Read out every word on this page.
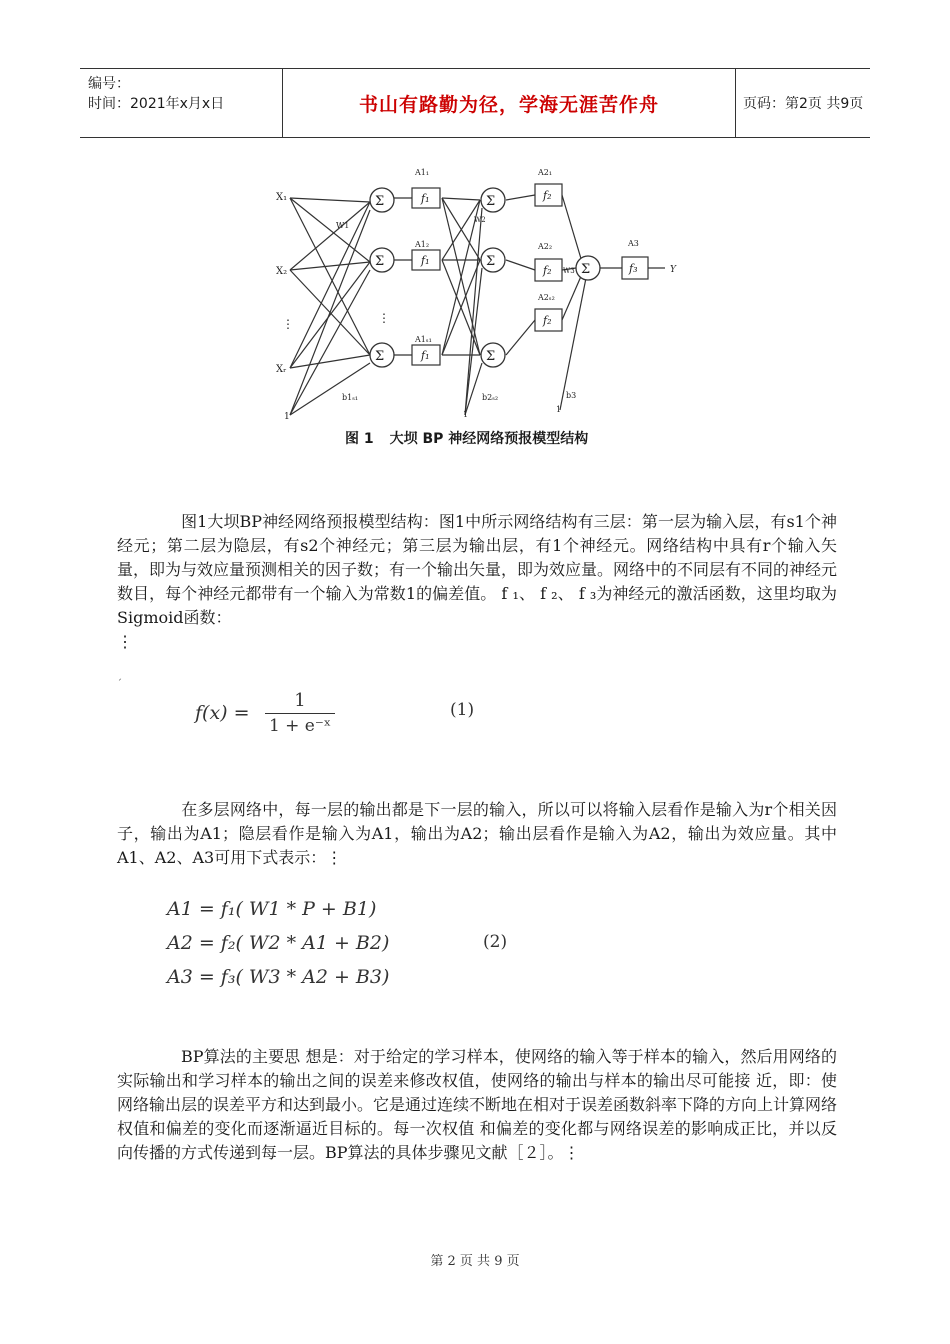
编号：
时间：2021年x月x日	书山有路勤为径，学海无涯苦作舟	页码：第2页 共9页
Σ
Σ
Σ
Σ
Σ
Σ
Σ
f₁
f₁
f₁
f₂
f₂
f₂
f₃
X₁
X₂
⋮
Xᵣ
1
⋮
W1
W2
W3
A1₁
A1₂
A1ₛ₁
A2₁
A2₂
A2ₛ₂
A3
Y
b1ₛ₁	b2ₛ₂	b3
1
1
图 1 大坝 BP 神经网络预报模型结构
图1大坝BP神经网络预报模型结构：图1中所示网络结构有三层：第一层为输入层，有s1个神经元；第二层为隐层，有s2个神经元；第三层为输出层，有1个神经元。网络结构中具有r个输入矢量，即为与效应量预测相关的因子数；有一个输出矢量，即为效应量。网络中的不同层有不同的神经元数目，每个神经元都带有一个输入为常数1的偏差值。 f ₁、 f ₂、 f ₃为神经元的激活函数，这里均取为Sigmoid函数：
⋮
ˏ
$f(x) = \frac{1}{\text{1 + e⁻ˣ}}$	(1)
在多层网络中，每一层的输出都是下一层的输入，所以可以将输入层看作是输入为r个相关因子，输出为A1；隐层看作是输入为A1，输出为A2；输出层看作是输入为A2，输出为效应量。其中A1、A2、A3可用下式表示：⋮
A1 = f₁( W1 * P + B1)
A2 = f₂( W2 * A1 + B2)
A3 = f₃( W3 * A2 + B3)
(2)
BP算法的主要思 想是：对于给定的学习样本，使网络的输入等于样本的输入，然后用网络的实际输出和学习样本的输出之间的误差来修改权值，使网络的输出与样本的输出尽可能接 近，即：使网络输出层的误差平方和达到最小。它是通过连续不断地在相对于误差函数斜率下降的方向上计算网络权值和偏差的变化而逐渐逼近目标的。每一次权值 和偏差的变化都与网络误差的影响成正比，并以反向传播的方式传递到每一层。BP算法的具体步骤见文献［２］。⋮
第 2 页 共 9 页
